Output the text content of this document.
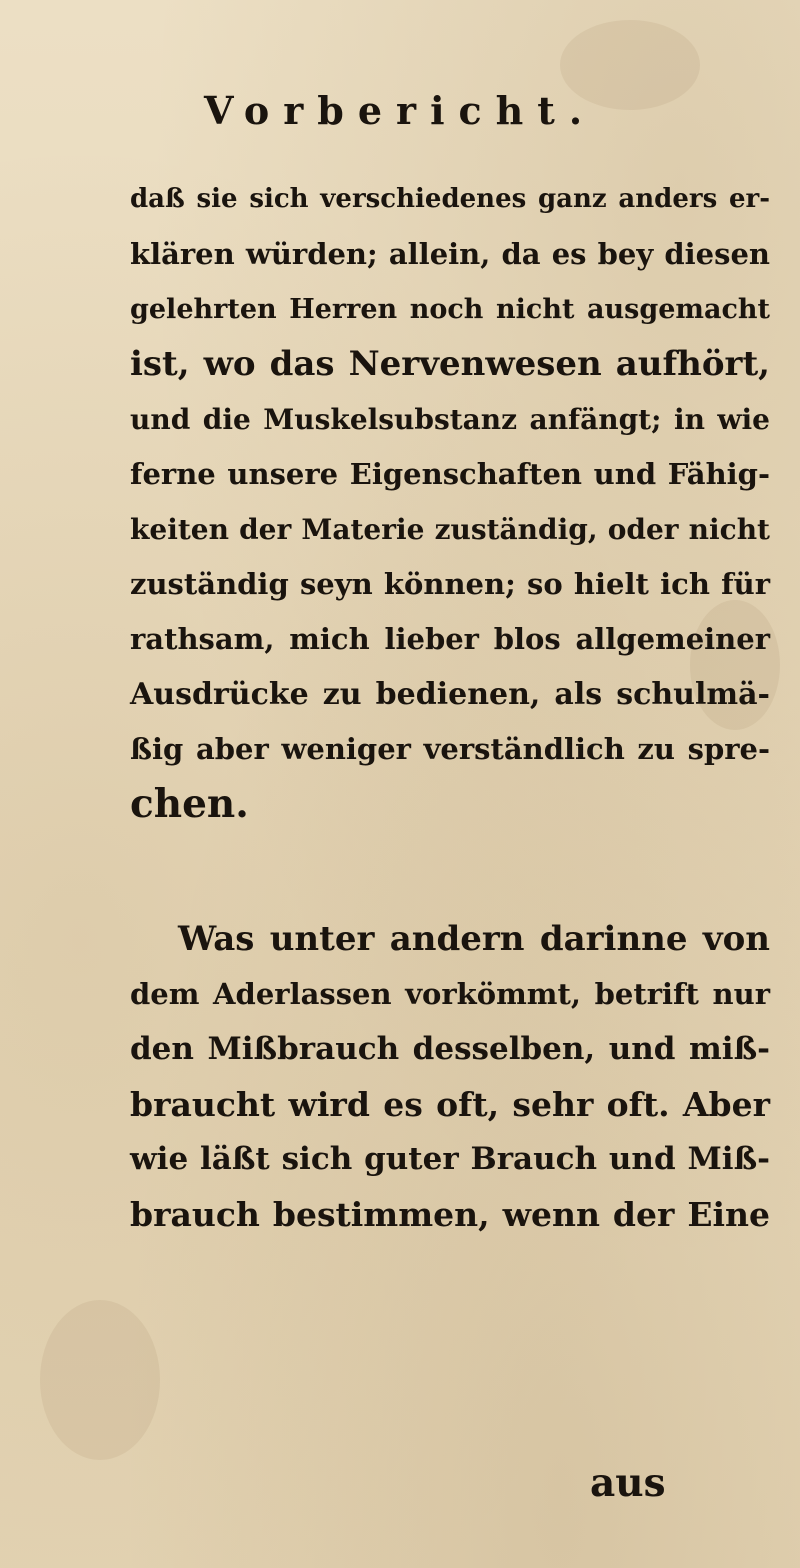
Vorbericht.
daß sie sich verschiedenes ganz anders er-
klären würden; allein, da es bey diesen
gelehrten Herren noch nicht ausgemacht
ist, wo das Nervenwesen aufhört,
und die Muskelsubstanz anfängt; in wie
ferne unsere Eigenschaften und Fähig-
keiten der Materie zuständig, oder nicht
zuständig seyn können; so hielt ich für
rathsam, mich lieber blos allgemeiner
Ausdrücke zu bedienen, als schulmä-
ßig aber weniger verständlich zu spre-
chen.
Was unter andern darinne von
dem Aderlassen vorkömmt, betrift nur
den Mißbrauch desselben, und miß-
braucht wird es oft, sehr oft. Aber
wie läßt sich guter Brauch und Miß-
brauch bestimmen, wenn der Eine
aus
